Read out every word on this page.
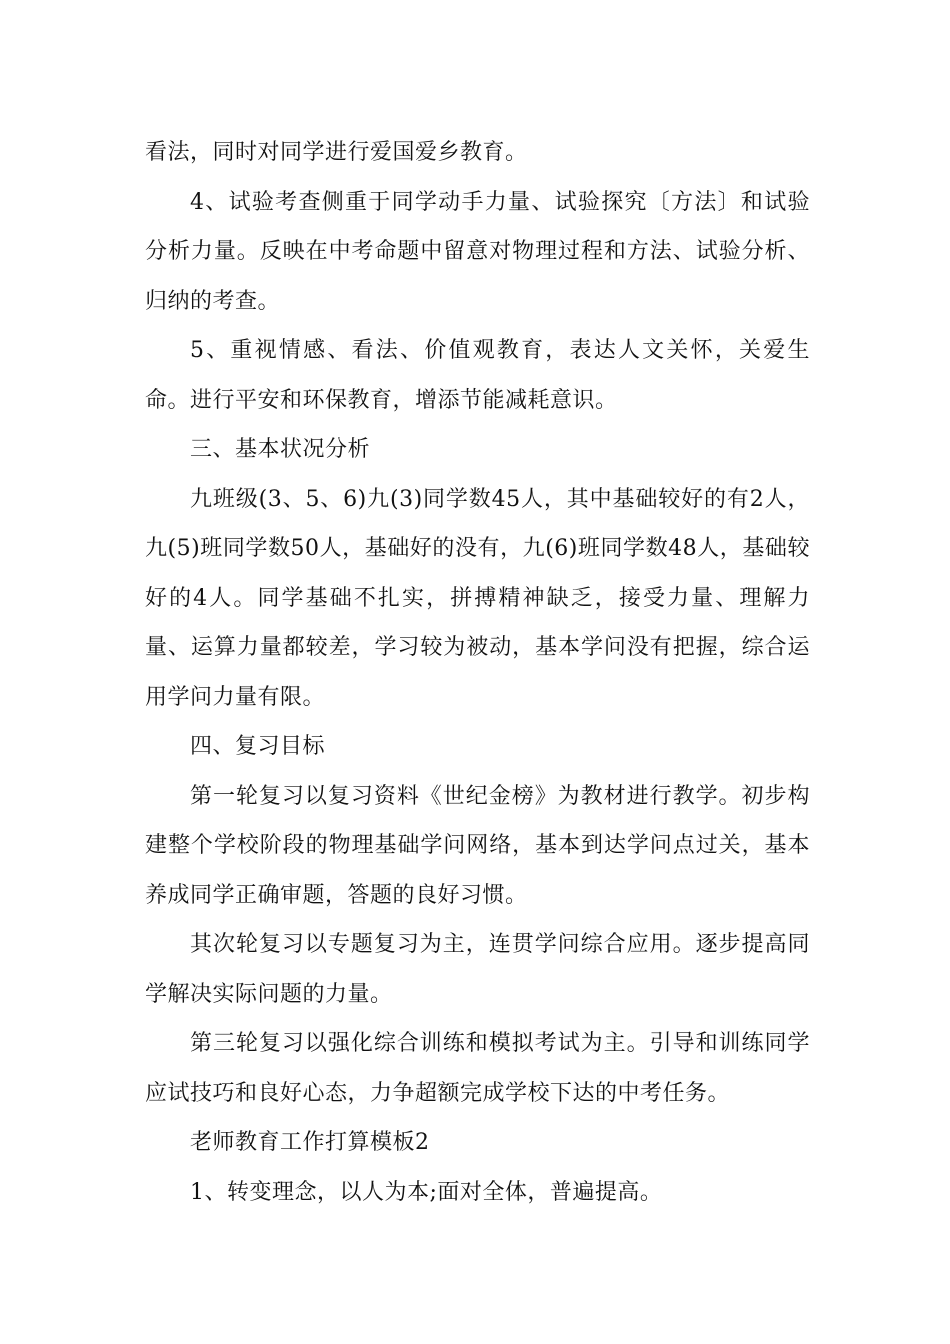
看法，同时对同学进行爱国爱乡教育。

4、试验考查侧重于同学动手力量、试验探究〔方法〕和试验分析力量。反映在中考命题中留意对物理过程和方法、试验分析、归纳的考查。

5、重视情感、看法、价值观教育，表达人文关怀，关爱生命。进行平安和环保教育，增添节能减耗意识。

三、基本状况分析

九班级(3、5、6)九(3)同学数45人，其中基础较好的有2人，九(5)班同学数50人，基础好的没有，九(6)班同学数48人，基础较好的4人。同学基础不扎实，拼搏精神缺乏，接受力量、理解力量、运算力量都较差，学习较为被动，基本学问没有把握，综合运用学问力量有限。

四、复习目标

第一轮复习以复习资料《世纪金榜》为教材进行教学。初步构建整个学校阶段的物理基础学问网络，基本到达学问点过关，基本养成同学正确审题，答题的良好习惯。

其次轮复习以专题复习为主，连贯学问综合应用。逐步提高同学解决实际问题的力量。

第三轮复习以强化综合训练和模拟考试为主。引导和训练同学应试技巧和良好心态，力争超额完成学校下达的中考任务。

老师教育工作打算模板2

1、转变理念，以人为本;面对全体，普遍提高。
